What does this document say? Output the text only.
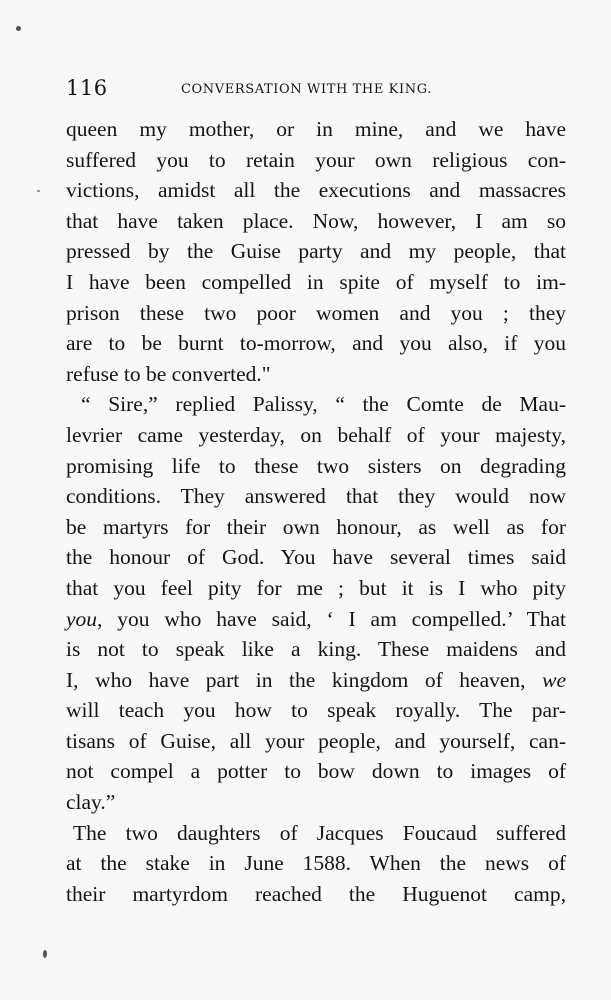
116	CONVERSATION WITH THE KING.
queen my mother, or in mine, and we have
suffered you to retain your own religious con-
victions, amidst all the executions and massacres
that have taken place. Now, however, I am so
pressed by the Guise party and my people, that
I have been compelled in spite of myself to im-
prison these two poor women and you ; they
are to be burnt to-morrow, and you also, if you
refuse to be converted."
“ Sire,” replied Palissy, “ the Comte de Mau-
levrier came yesterday, on behalf of your majesty,
promising life to these two sisters on degrading
conditions. They answered that they would now
be martyrs for their own honour, as well as for
the honour of God. You have several times said
that you feel pity for me ; but it is I who pity
you, you who have said, ‘ I am compelled.’ That
is not to speak like a king. These maidens and
I, who have part in the kingdom of heaven, we
will teach you how to speak royally. The par-
tisans of Guise, all your people, and yourself, can-
not compel a potter to bow down to images of
clay.”
The two daughters of Jacques Foucaud suffered
at the stake in June 1588. When the news of
their martyrdom reached the Huguenot camp,
